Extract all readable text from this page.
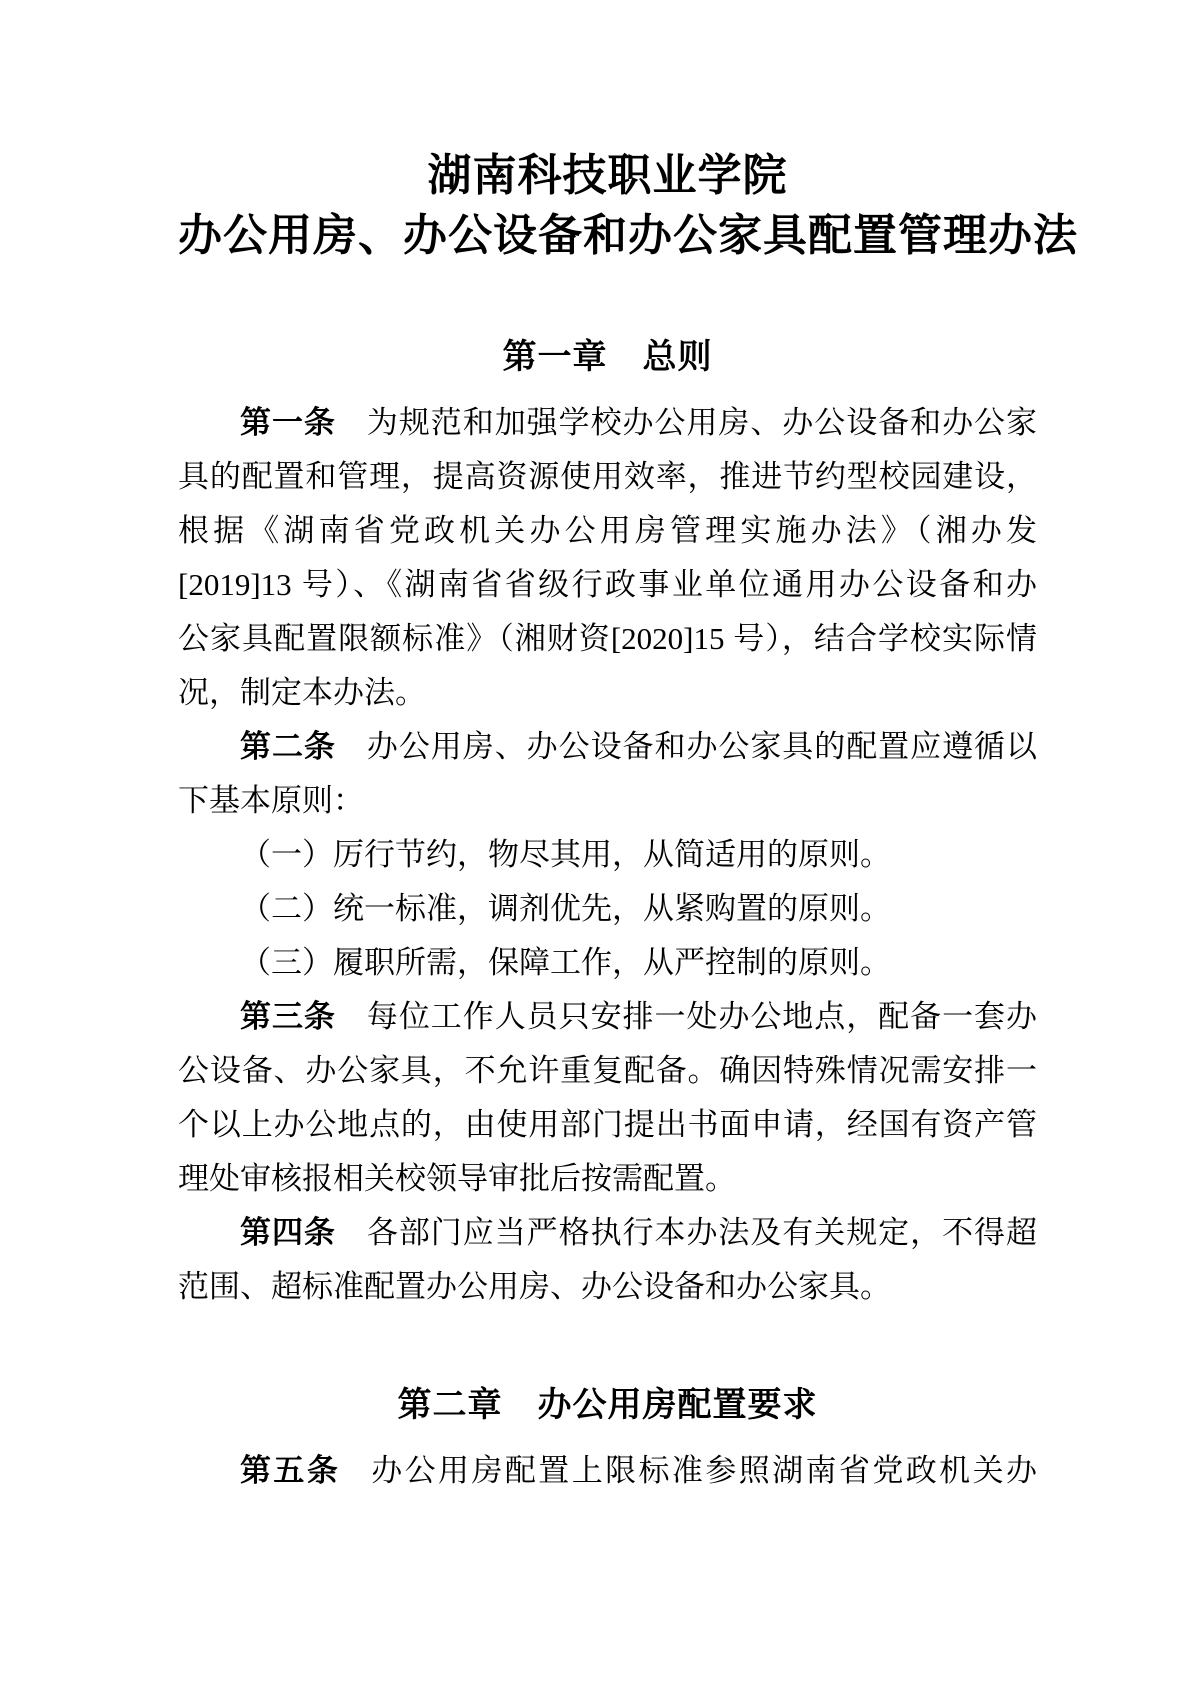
湖南科技职业学院
办公用房、办公设备和办公家具配置管理办法
第一章　总则
第一条 为规范和加强学校办公用房、办公设备和办公家
具的配置和管理，提高资源使用效率，推进节约型校园建设，
根据《湖南省党政机关办公用房管理实施办法》（湘办发
[2019]13 号）、《湖南省省级行政事业单位通用办公设备和办
公家具配置限额标准》（湘财资[2020]15 号），结合学校实际情
况，制定本办法。
第二条 办公用房、办公设备和办公家具的配置应遵循以
下基本原则：
（一）厉行节约，物尽其用，从简适用的原则。
（二）统一标准，调剂优先，从紧购置的原则。
（三）履职所需，保障工作，从严控制的原则。
第三条 每位工作人员只安排一处办公地点，配备一套办
公设备、办公家具，不允许重复配备。确因特殊情况需安排一
个以上办公地点的，由使用部门提出书面申请，经国有资产管
理处审核报相关校领导审批后按需配置。
第四条 各部门应当严格执行本办法及有关规定，不得超
范围、超标准配置办公用房、办公设备和办公家具。
第二章　办公用房配置要求
第五条 办公用房配置上限标准参照湖南省党政机关办
